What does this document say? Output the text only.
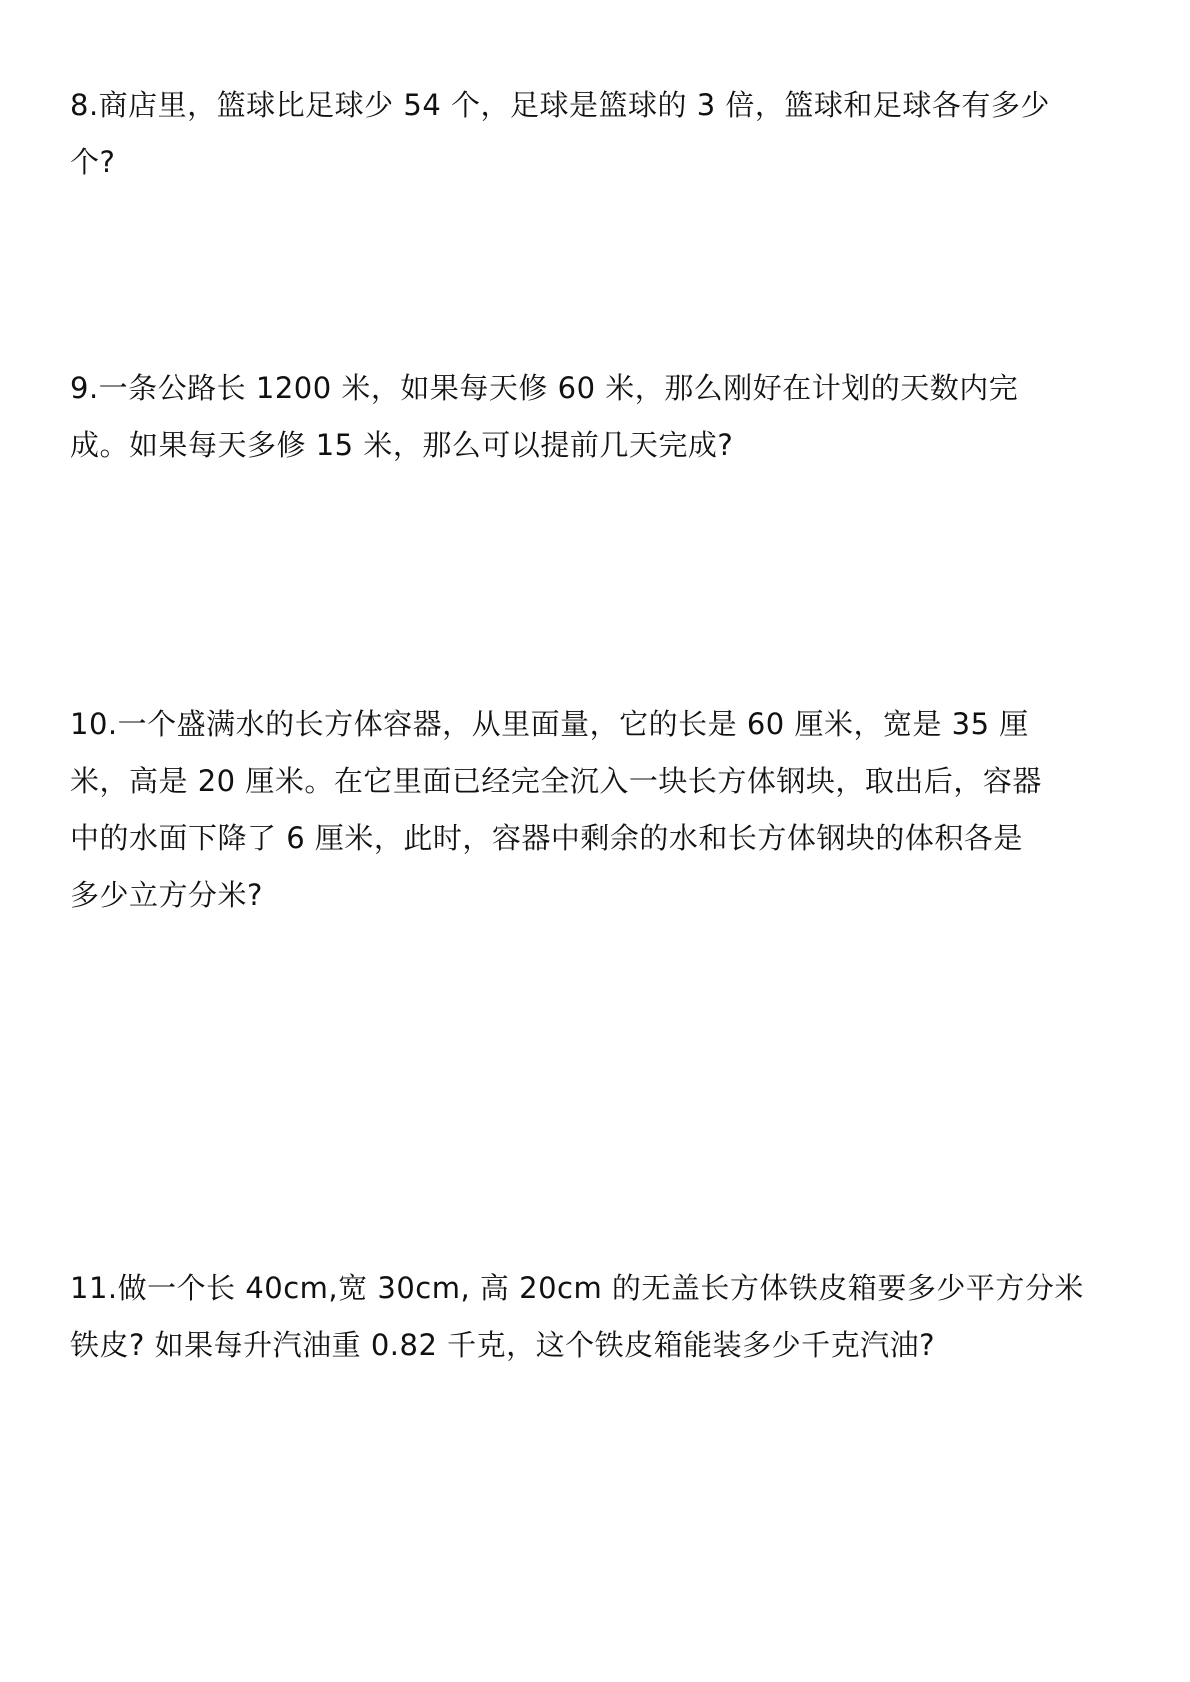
8.商店里，篮球比足球少 54 个，足球是篮球的 3 倍，篮球和足球各有多少
个?
9.一条公路长 1200 米，如果每天修 60 米，那么刚好在计划的天数内完
成。如果每天多修 15 米，那么可以提前几天完成?
10.一个盛满水的长方体容器，从里面量，它的长是 60 厘米，宽是 35 厘
米，高是 20 厘米。在它里面已经完全沉入一块长方体钢块，取出后，容器
中的水面下降了 6 厘米，此时，容器中剩余的水和长方体钢块的体积各是
多少立方分米?
11.做一个长 40cm,宽 30cm, 高 20cm 的无盖长方体铁皮箱要多少平方分米
铁皮? 如果每升汽油重 0.82 千克，这个铁皮箱能装多少千克汽油?
